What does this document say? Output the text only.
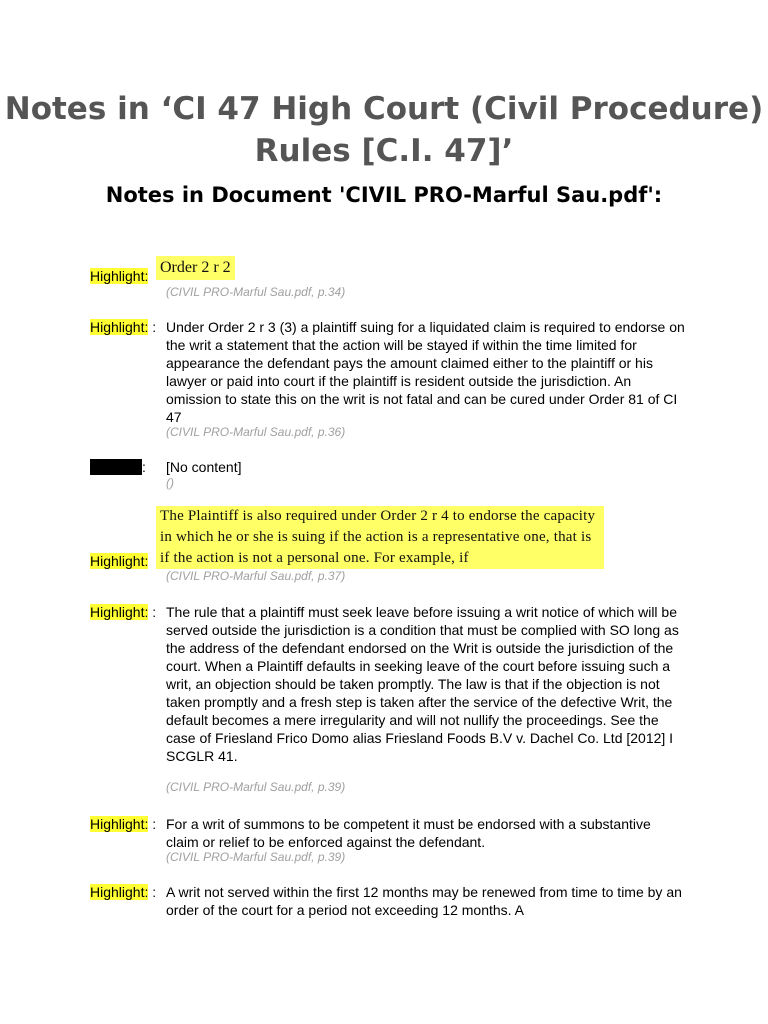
Notes in ‘CI 47 High Court (Civil Procedure) Rules [C.I. 47]’
Notes in Document 'CIVIL PRO-Marful Sau.pdf':
Order 2 r 2
Highlight:
(CIVIL PRO-Marful Sau.pdf, p.34)
Highlight: : Under Order 2 r 3 (3) a plaintiff suing for a liquidated claim is required to endorse on the writ a statement that the action will be stayed if within the time limited for appearance the defendant pays the amount claimed either to the plaintiff or his lawyer or paid into court if the plaintiff is resident outside the jurisdiction. An omission to state this on the writ is not fatal and can be cured under Order 81 of CI 47
(CIVIL PRO-Marful Sau.pdf, p.36)
: [No content]
()
The Plaintiff is also required under Order 2 r 4 to endorse the capacity in which he or she is suing if the action is a representative one, that is if the action is not a personal one. For example, if
Highlight:
(CIVIL PRO-Marful Sau.pdf, p.37)
Highlight: : The rule that a plaintiff must seek leave before issuing a writ notice of which will be served outside the jurisdiction is a condition that must be complied with SO long as the address of the defendant endorsed on the Writ is outside the jurisdiction of the court. When a Plaintiff defaults in seeking leave of the court before issuing such a writ, an objection should be taken promptly. The law is that if the objection is not taken promptly and a fresh step is taken after the service of the defective Writ, the default becomes a mere irregularity and will not nullify the proceedings. See the case of Friesland Frico Domo alias Friesland Foods B.V v. Dachel Co. Ltd [2012] I SCGLR 41.
(CIVIL PRO-Marful Sau.pdf, p.39)
Highlight: : For a writ of summons to be competent it must be endorsed with a substantive claim or relief to be enforced against the defendant.
(CIVIL PRO-Marful Sau.pdf, p.39)
Highlight: : A writ not served within the first 12 months may be renewed from time to time by an order of the court for a period not exceeding 12 months. A
